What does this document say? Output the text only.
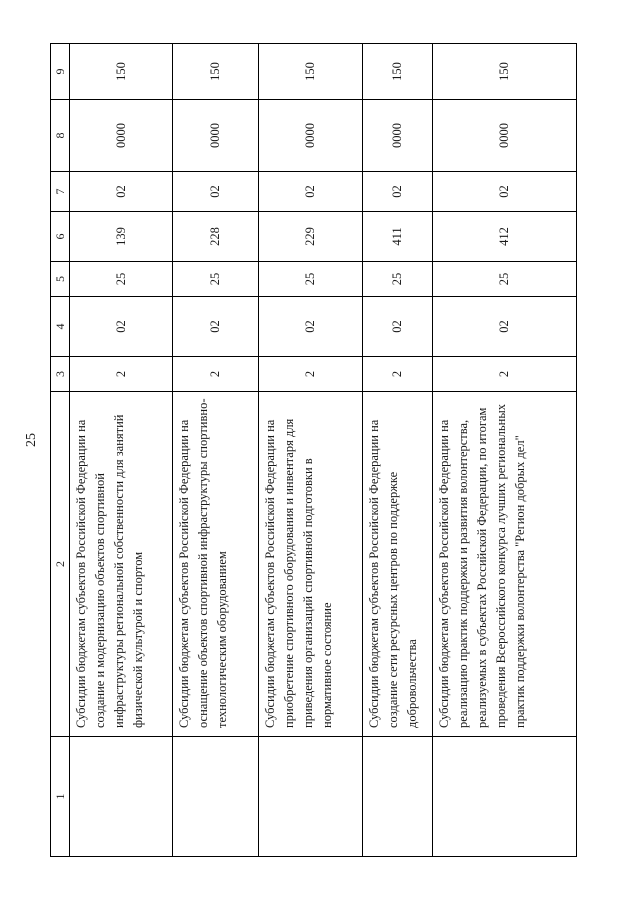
25
1	2	3	4	5	6	7	8	9
	Субсидии бюджетам субъектов Российской Федерации на создание и модернизацию объектов спортивной инфраструктуры региональной собственности для занятий физической культурой и спортом	2	02	25	139	02	0000	150
	Субсидии бюджетам субъектов Российской Федерации на оснащение объектов спортивной инфраструктуры спортивно-технологическим оборудованием	2	02	25	228	02	0000	150
	Субсидии бюджетам субъектов Российской Федерации на приобретение спортивного оборудования и инвентаря для приведения организаций спортивной подготовки в нормативное состояние	2	02	25	229	02	0000	150
	Субсидии бюджетам субъектов Российской Федерации на создание сети ресурсных центров по поддержке добровольчества	2	02	25	411	02	0000	150
	Субсидии бюджетам субъектов Российской Федерации на реализацию практик поддержки и развития волонтерства, реализуемых в субъектах Российской Федерации, по итогам проведения Всероссийского конкурса лучших региональных практик поддержки волонтерства "Регион добрых дел"	2	02	25	412	02	0000	150
